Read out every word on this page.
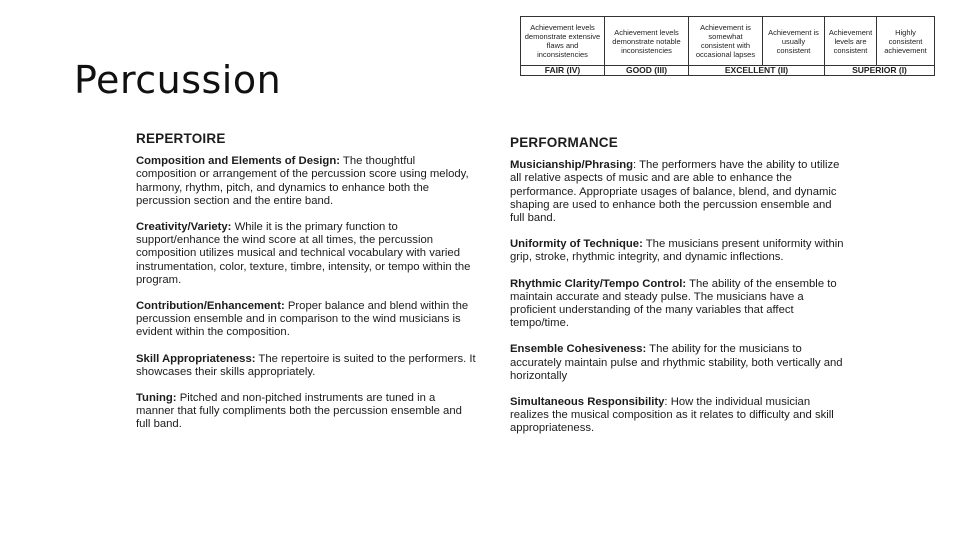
Percussion
Achievement levels demonstrate extensive flaws and inconsistencies	Achievement levels demonstrate notable inconsistencies	Achievement is somewhat consistent with occasional lapses	Achievement is usually consistent	Achievement levels are consistent	Highly consistent achievement
FAIR (IV)	GOOD (III)	EXCELLENT (II)		SUPERIOR (I)	
REPERTOIRE

Composition and Elements of Design: The thoughtful composition or arrangement of the percussion score using melody, harmony, rhythm, pitch, and dynamics to enhance both the percussion section and the entire band.

Creativity/Variety: While it is the primary function to support/enhance the wind score at all times, the percussion composition utilizes musical and technical vocabulary with varied instrumentation, color, texture, timbre, intensity, or tempo within the program.

Contribution/Enhancement: Proper balance and blend within the percussion ensemble and in comparison to the wind musicians is evident within the composition.

Skill Appropriateness: The repertoire is suited to the performers. It showcases their skills appropriately.

Tuning: Pitched and non-pitched instruments are tuned in a manner that fully compliments both the percussion ensemble and full band.

PERFORMANCE

Musicianship/Phrasing: The performers have the ability to utilize all relative aspects of music and are able to enhance the performance. Appropriate usages of balance, blend, and dynamic shaping are used to enhance both the percussion ensemble and full band.

Uniformity of Technique: The musicians present uniformity within grip, stroke, rhythmic integrity, and dynamic inflections.

Rhythmic Clarity/Tempo Control: The ability of the ensemble to maintain accurate and steady pulse. The musicians have a proficient understanding of the many variables that affect tempo/time.

Ensemble Cohesiveness: The ability for the musicians to accurately maintain pulse and rhythmic stability, both vertically and horizontally

Simultaneous Responsibility: How the individual musician realizes the musical composition as it relates to difficulty and skill appropriateness.
